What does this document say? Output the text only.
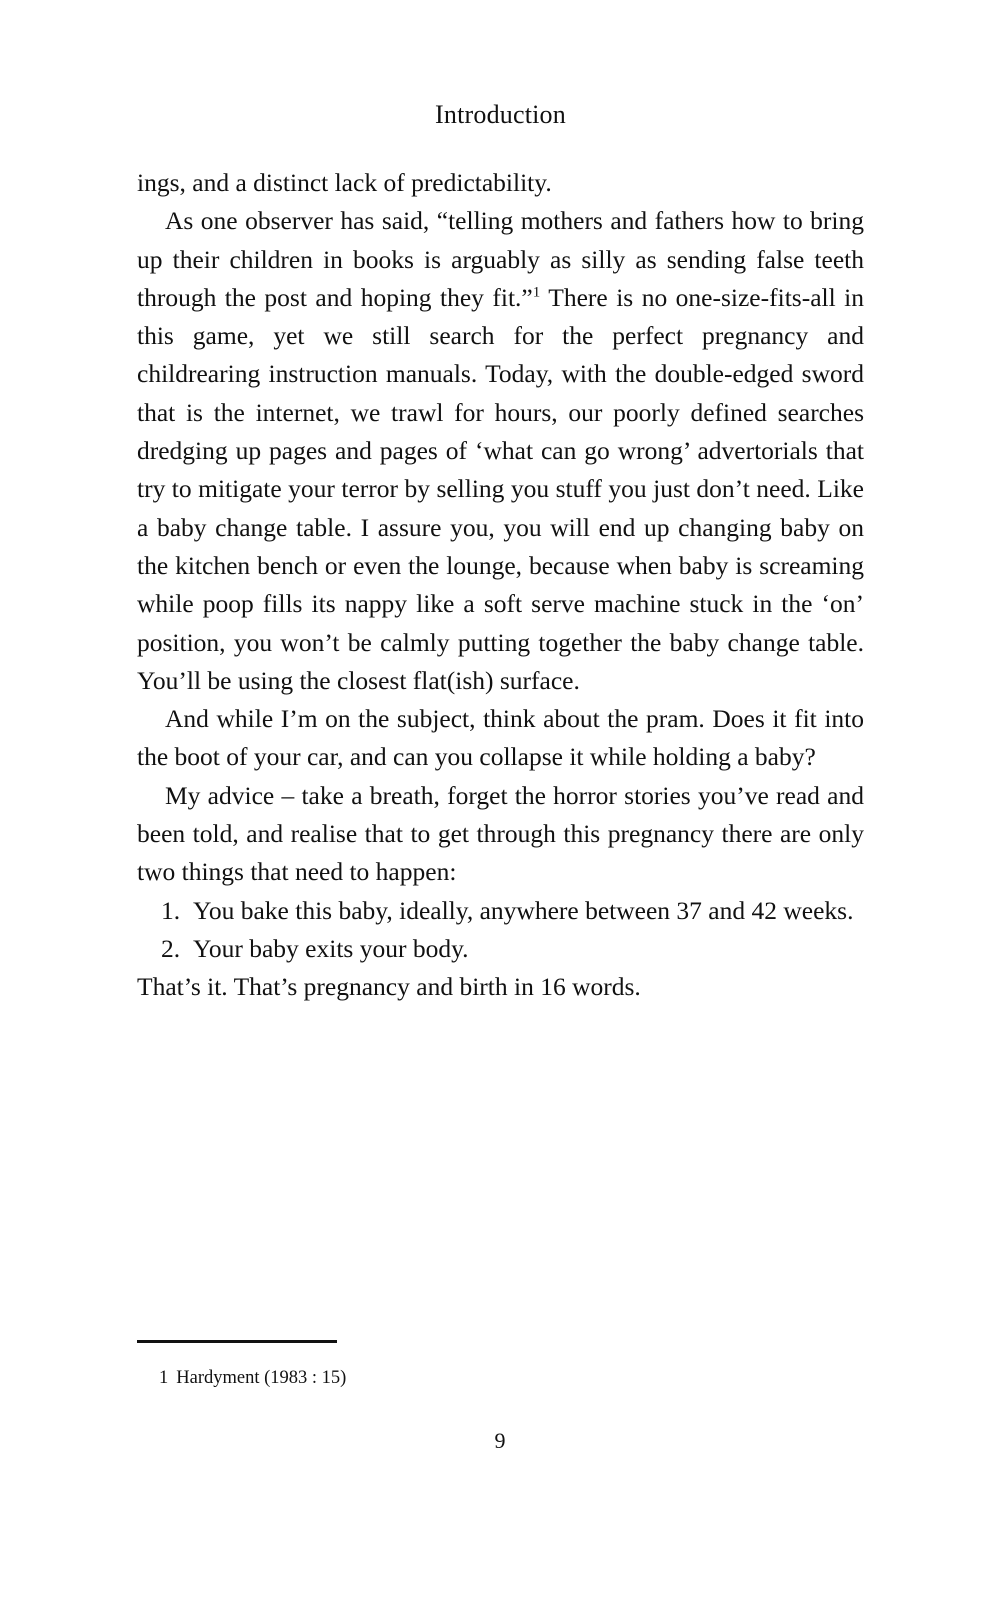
Introduction

ings, and a distinct lack of predictability.

As one observer has said, “telling mothers and fathers how to bring up their children in books is arguably as silly as sending false teeth through the post and hoping they fit.”$^1$ There is no one-size-fits-all in this game, yet we still search for the perfect pregnancy and childrearing instruction manuals. Today, with the double-edged sword that is the internet, we trawl for hours, our poorly defined searches dredging up pages and pages of ‘what can go wrong’ advertorials that try to mitigate your terror by selling you stuff you just don’t need. Like a baby change table. I assure you, you will end up changing baby on the kitchen bench or even the lounge, because when baby is screaming while poop fills its nappy like a soft serve machine stuck in the ‘on’ position, you won’t be calmly putting together the baby change table. You’ll be using the closest flat(ish) surface.

And while I’m on the subject, think about the pram. Does it fit into the boot of your car, and can you collapse it while holding a baby?

My advice – take a breath, forget the horror stories you’ve read and been told, and realise that to get through this pregnancy there are only two things that need to happen:

1. You bake this baby, ideally, anywhere between 37 and 42 weeks.
2. Your baby exits your body.

That’s it. That’s pregnancy and birth in 16 words.

1 Hardyment (1983 : 15)

9
